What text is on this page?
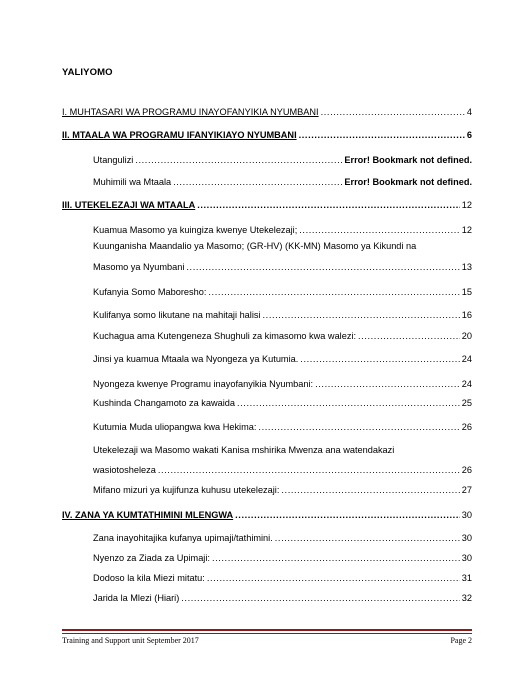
YALIYOMO
I. MUHTASARI WA PROGRAMU INAYOFANYIKIA NYUMBANI .....	4
II. MTAALA WA PROGRAMU IFANYIKIAYO NYUMBANI .....	6
Utangulizi .....	Error! Bookmark not defined.
Muhimili wa Mtaala .....	Error! Bookmark not defined.
III. UTEKELEZAJI WA MTAALA .....	12
Kuamua Masomo ya kuingiza kwenye Utekelezaji; .....	12
Kuunganisha Maandalio ya Masomo; (GR-HV) (KK-MN) Masomo ya Kikundi na
Masomo ya Nyumbani .....	13
Kufanyia Somo Maboresho: .....	15
Kulifanya somo likutane na mahitaji halisi .....	16
Kuchagua ama Kutengeneza Shughuli za kimasomo kwa walezi: .....	20
Jinsi ya kuamua Mtaala wa Nyongeza ya Kutumia. .....	24
Nyongeza kwenye Programu inayofanyikia Nyumbani: .....	24
Kushinda Changamoto za kawaida .....	25
Kutumia Muda uliopangwa kwa Hekima: .....	26
Utekelezaji wa Masomo wakati Kanisa mshirika Mwenza ana watendakazi
wasiotosheleza .....	26
Mifano mizuri ya kujifunza kuhusu utekelezaji: .....	27
IV. ZANA YA KUMTATHIMINI MLENGWA .....	30
Zana inayohitajika kufanya upimaji/tathimini. .....	30
Nyenzo za Ziada za Upimaji: .....	30
Dodoso la kila Miezi mitatu: .....	31
Jarida la Mlezi (Hiari) .....	32
Training and Support unit September 2017	Page 2
